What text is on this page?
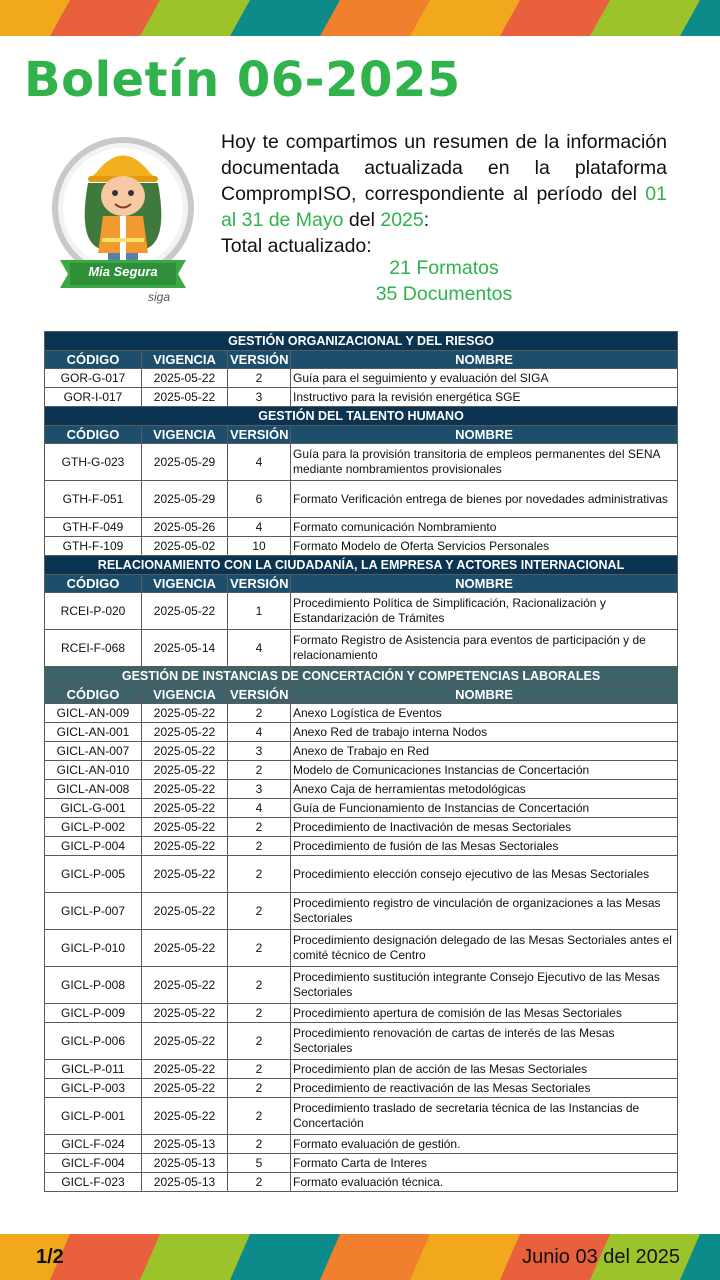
Boletín 06-2025
Mia Segura
siga

Hoy te compartimos un resumen de la información documentada actualizada en la plataforma ComprompISO, correspondiente al período del 01 al 31 de Mayo del 2025:

Total actualizado:
21 Formatos
35 Documentos
GESTIÓN ORGANIZACIONAL Y DEL RIESGO			
CÓDIGO	VIGENCIA	VERSIÓN	NOMBRE
GOR-G-017	2025-05-22	2	Guía para el seguimiento y evaluación del SIGA
GOR-I-017	2025-05-22	3	Instructivo para la revisión energética SGE
GESTIÓN DEL TALENTO HUMANO			
CÓDIGO	VIGENCIA	VERSIÓN	NOMBRE
GTH-G-023	2025-05-29	4	Guía para la provisión transitoria de empleos permanentes del SENA mediante nombramientos provisionales
GTH-F-051	2025-05-29	6	Formato Verificación entrega de bienes por novedades administrativas
GTH-F-049	2025-05-26	4	Formato comunicación Nombramiento
GTH-F-109	2025-05-02	10	Formato Modelo de Oferta Servicios Personales
RELACIONAMIENTO CON LA CIUDADANÍA, LA EMPRESA Y ACTORES INTERNACIONAL			
CÓDIGO	VIGENCIA	VERSIÓN	NOMBRE
RCEI-P-020	2025-05-22	1	Procedimiento Política de Simplificación, Racionalización y Estandarización de Trámites
RCEI-F-068	2025-05-14	4	Formato Registro de Asistencia para eventos de participación y de relacionamiento
GESTIÓN DE INSTANCIAS DE CONCERTACIÓN Y COMPETENCIAS LABORALES			
CÓDIGO	VIGENCIA	VERSIÓN	NOMBRE
GICL-AN-009	2025-05-22	2	Anexo Logística de Eventos
GICL-AN-001	2025-05-22	4	Anexo Red de trabajo interna Nodos
GICL-AN-007	2025-05-22	3	Anexo de Trabajo en Red
GICL-AN-010	2025-05-22	2	Modelo de Comunicaciones Instancias de Concertación
GICL-AN-008	2025-05-22	3	Anexo Caja de herramientas metodológicas
GICL-G-001	2025-05-22	4	Guía de Funcionamiento de Instancias de Concertación
GICL-P-002	2025-05-22	2	Procedimiento de Inactivación de mesas Sectoriales
GICL-P-004	2025-05-22	2	Procedimiento de fusión de las Mesas Sectoriales
GICL-P-005	2025-05-22	2	Procedimiento elección consejo ejecutivo de las Mesas Sectoriales
GICL-P-007	2025-05-22	2	Procedimiento registro de vinculación de organizaciones a las Mesas Sectoriales
GICL-P-010	2025-05-22	2	Procedimiento designación delegado de las Mesas Sectoriales antes el comité técnico de Centro
GICL-P-008	2025-05-22	2	Procedimiento sustitución integrante Consejo Ejecutivo de las Mesas Sectoriales
GICL-P-009	2025-05-22	2	Procedimiento apertura de comisión de las Mesas Sectoriales
GICL-P-006	2025-05-22	2	Procedimiento renovación de cartas de interés de las Mesas Sectoriales
GICL-P-011	2025-05-22	2	Procedimiento plan de acción de las Mesas Sectoriales
GICL-P-003	2025-05-22	2	Procedimiento de reactivación de las Mesas Sectoriales
GICL-P-001	2025-05-22	2	Procedimiento traslado de secretaria técnica de las Instancias de Concertación
GICL-F-024	2025-05-13	2	Formato evaluación de gestión.
GICL-F-004	2025-05-13	5	Formato Carta de Interes
GICL-F-023	2025-05-13	2	Formato evaluación técnica.
1/2	Junio 03 del 2025
